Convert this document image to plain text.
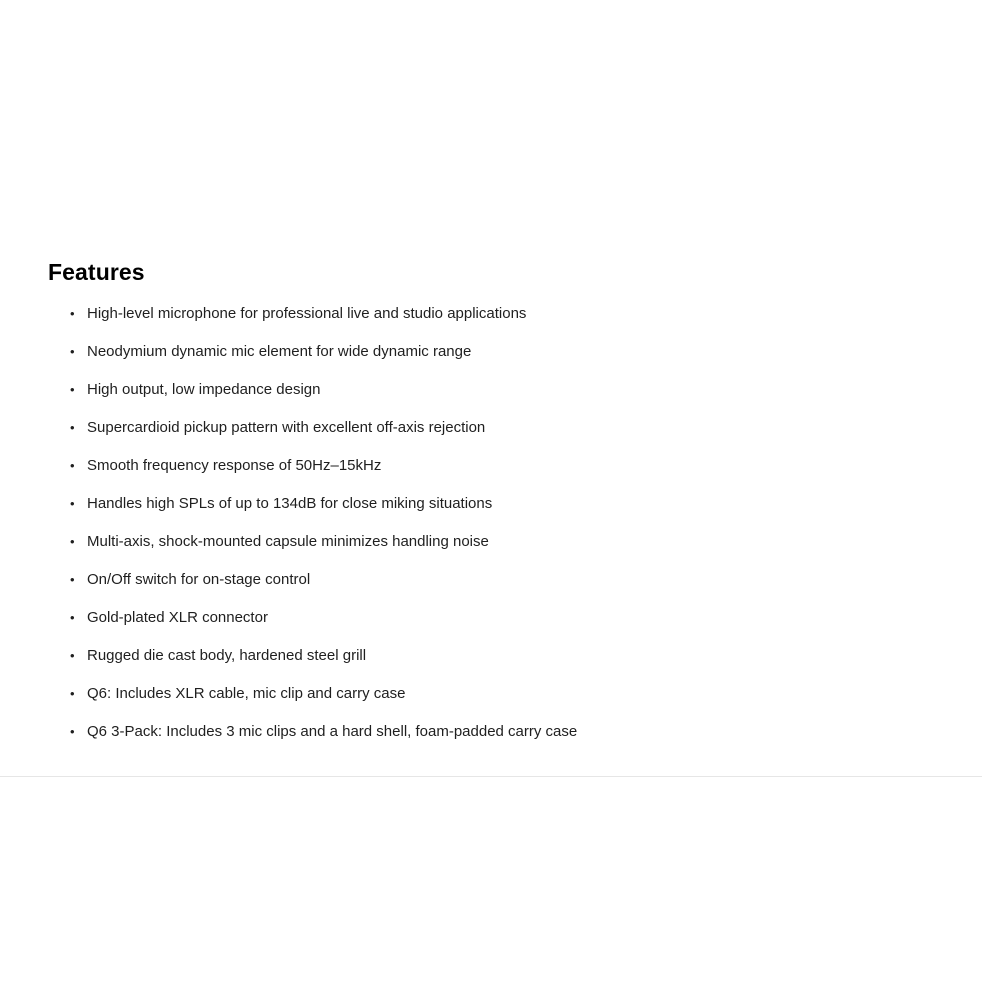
Features
• High-level microphone for professional live and studio applications
• Neodymium dynamic mic element for wide dynamic range
• High output, low impedance design
• Supercardioid pickup pattern with excellent off-axis rejection
• Smooth frequency response of 50Hz–15kHz
• Handles high SPLs of up to 134dB for close miking situations
• Multi-axis, shock-mounted capsule minimizes handling noise
• On/Off switch for on-stage control
• Gold-plated XLR connector
• Rugged die cast body, hardened steel grill
• Q6: Includes XLR cable, mic clip and carry case
• Q6 3-Pack: Includes 3 mic clips and a hard shell, foam-padded carry case
